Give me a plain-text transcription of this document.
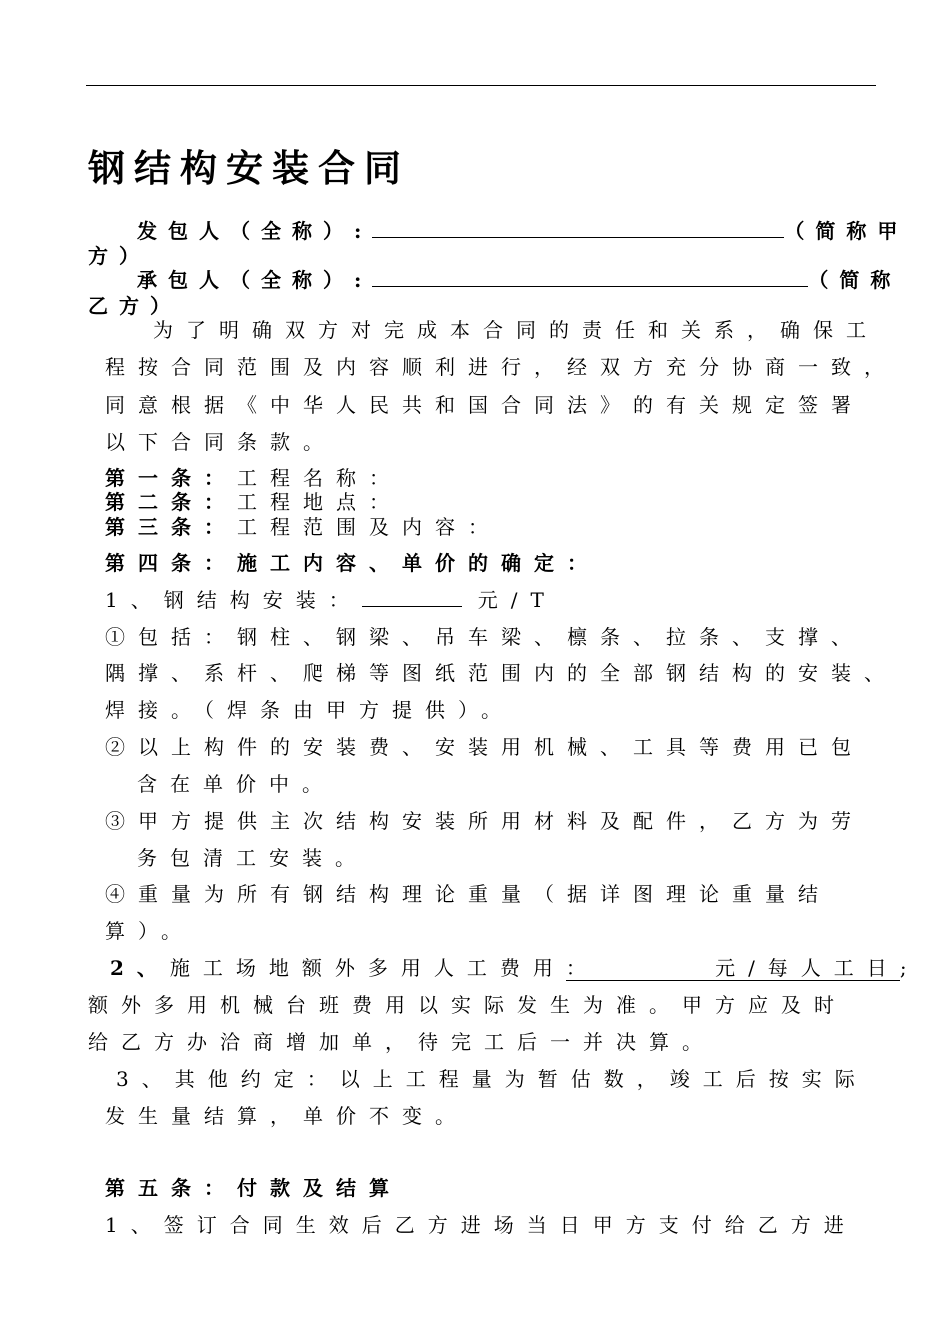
钢结构安装合同
发包人（全称）:	（简称甲
方）
承包人（全称）:	（简称
乙方）
为了明确双方对完成本合同的责任和关系，确保工
程按合同范围及内容顺利进行，经双方充分协商一致，
同意根据《中华人民共和国合同法》的有关规定签署
以下合同条款。
第一条：工程名称：
第二条：工程地点：
第三条：工程范围及内容：
第四条：施工内容、单价的确定：
1、钢结构安装：	元/T
①包括：钢柱、钢梁、吊车梁、檩条、拉条、支撑、
隅撑、系杆、爬梯等图纸范围内的全部钢结构的安装、
焊接。（焊条由甲方提供）。
②以上构件的安装费、安装用机械、工具等费用已包
含在单价中。
③甲方提供主次结构安装所用材料及配件，乙方为劳
务包清工安装。
④重量为所有钢结构理论重量（据详图理论重量结
算）。
2、施工场地额外多用人工费用：      元/每人工日;
额外多用机械台班费用以实际发生为准。甲方应及时
给乙方办洽商增加单，待完工后一并决算。
3、其他约定：以上工程量为暂估数，竣工后按实际
发生量结算，单价不变。
第五条：付款及结算
1、签订合同生效后乙方进场当日甲方支付给乙方进
